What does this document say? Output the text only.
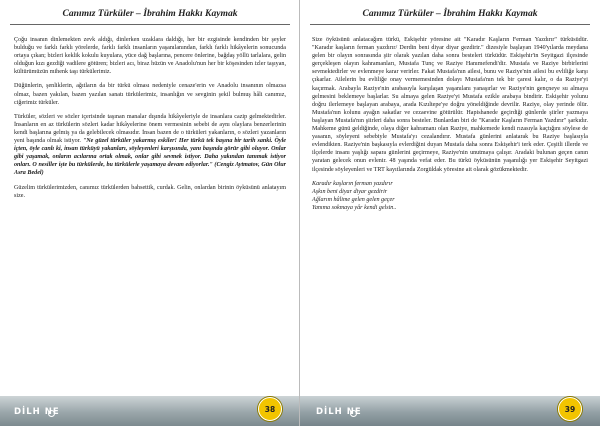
Canımız Türküler – İbrahim Hakkı Kaymak

Çoğu insanın dinlemekten zevk aldığı, dinlerken uzaklara daldığı, her bir ezgisinde kendinden bir şeyler bulduğu ve farklı farklı yörelerde, farklı farklı insanların yaşanılanından, farklı farklı hikâyelerin sonucunda ortaya çıkan; bizleri keklik kokulu kuyulara, yüce dağ başlarına, pencere önlerine, bağdaş yöllü tarlalara, gelin olduğun kızı gezdiği vadilere götüren; bizleri acı, biraz hüzün ve Anadolu'nun her bir köşesinden izler taşıyan, kültürümüzün mihenk taşı türkülerimiz.

Düğünlerin, şenliklerin, ağıtların da bir türkü olması nedeniyle cenaze'erin ve Anadolu insanının olmazsa olmaz, bazen yakılan, bazen yazılan sanatı türkülerimiz, insanlığın ve sevginin şekil bulmuş hâli canımız, ciğerimiz türküler.

Türküler, sözleri ve sözler içerisinde taşınan manalar dışında hikâyeleriyle de insanlara cazip gelmektedirler. İnsanların en az türkülerin sözleri kadar hikâyelerine önem vermesinin sebebi de aynı olaylara benzerlerinin kendi başlarına gelmiş ya da gelebilecek olmasıdır. İnsan bazen de o türküleri yakanların, o sözleri yazanların yeni başında olmak istiyor. "Ne güzel türküler yakarmış eskiler! Her türkü tek başına bir tarih sanki. Öyle içten, öyle canlı ki, insan türküyü yakanları, söyleyenleri karşısında, yanı başında görür gibi oluyor. Onlar gibi yaşamak, onların acılarına ortak olmak, onlar gibi sevmek istiyor. Daha yakından tanımak istiyor onları. O nesiller işte bu türkülerde, bu türkülerle yaşamaya devam ediyorlar." (Cengiz Aytmatov, Gün Olur Asra Bedel)

Güzelim türkülerimizden, canımız türkülerden bahsettik, curdak. Gelin, onlardan birinin öyküsünü anlatayım size.

DİLH NE	38
Canımız Türküler – İbrahim Hakkı Kaymak

Size öyküsünü anlatacağım türkü, Eskişehir yöresine ait "Karadır Kaşların Ferman Yazdırır" türküsüdür. "Karadır kaşların ferman yazdırır/ Derdin beni diyar diyar gezdirir." dizesiyle başlayan 1940'yılarda meydana gelen bir olayın sonrasında şiir olarak yazılan daha sonra besteleri türküdür. Eskişehir'in Seyitgazi ilçesinde gerçekleşen olayın kahramanları, Mustafa Tunç ve Raziye Hanımefendi'dir. Mustafa ve Raziye birbirlerini sevmektedirler ve evlenmeye karar verirler. Fakat Mustafa'nın ailesi, bunu ve Raziye'nin ailesi bu evliliğe karşı çıkarlar. Ailelerin bu evliliğe onay vermemesinden dolayı Mustafa'nın tek bir çaresi kalır, o da Raziye'yi kaçırmak. Arabayla Raziye'nin arabasıyla karşılaşan yaşanılanı yanaşırlar ve Raziye'nin gençneye su almaya gelmesini beklemeye başlarlar. Su almaya gelen Raziye'yi Mustafa ezikle arabaya bindirir. Eskişehir yolunu doğru ilerlemeye başlayan arabaya, arada Kızıltepe'ye doğru yöneldiğinde devrilir. Raziye, olay yerinde ölür. Mustafa'nın kolunu ayağın sakatlar ve cezaevine götürülür. Hapishanede geçirdiği günlerde şiirler yazmaya başlayan Mustafa'nın şiirleri daha sonra besteler. Bunlardan biri de "Karadır Kaşların Ferman Yazdırır" şarkıdır. Mahkeme günü geldiğinde, olaya diğer kahramanı olan Raziye, mahkemede kendi rızasıyla kaçtığını söylese de yasanın, söyleyeni sebebiyle Mustafa'yı cezalandırır. Mustafa günlerini anlatarak bu Raziye başlasıyla evlendikten. Raziye'nin başkasıyla evlerdiğini duyan Mustafa daha sonra Eskişehir'i terk eder. Çeşitli illerde ve ilçelerde insanı yaşlığı sapara günlerini geçirmeye, Raziye'nin unutmaya çalışır. Aradaki bulunan geçen canın yaratan gelecek onun evlenir. 48 yaşında vefat eder. Bu türkü öyküsünün yaşanılığı yer Eskişehir Seyitgazi ilçesinde söyleyenleri ve TRT kayıtlarında Zorgüldak yöresine ait olarak gözükmektedir.

Karadır kaşların ferman yazdırır
Aşkın beni diyar diyar gezdirir
Ağlarım hâlime gelen gelen geçer
Yanıma sokmaya yâr kendi gelsin..
DİLH NE	39
